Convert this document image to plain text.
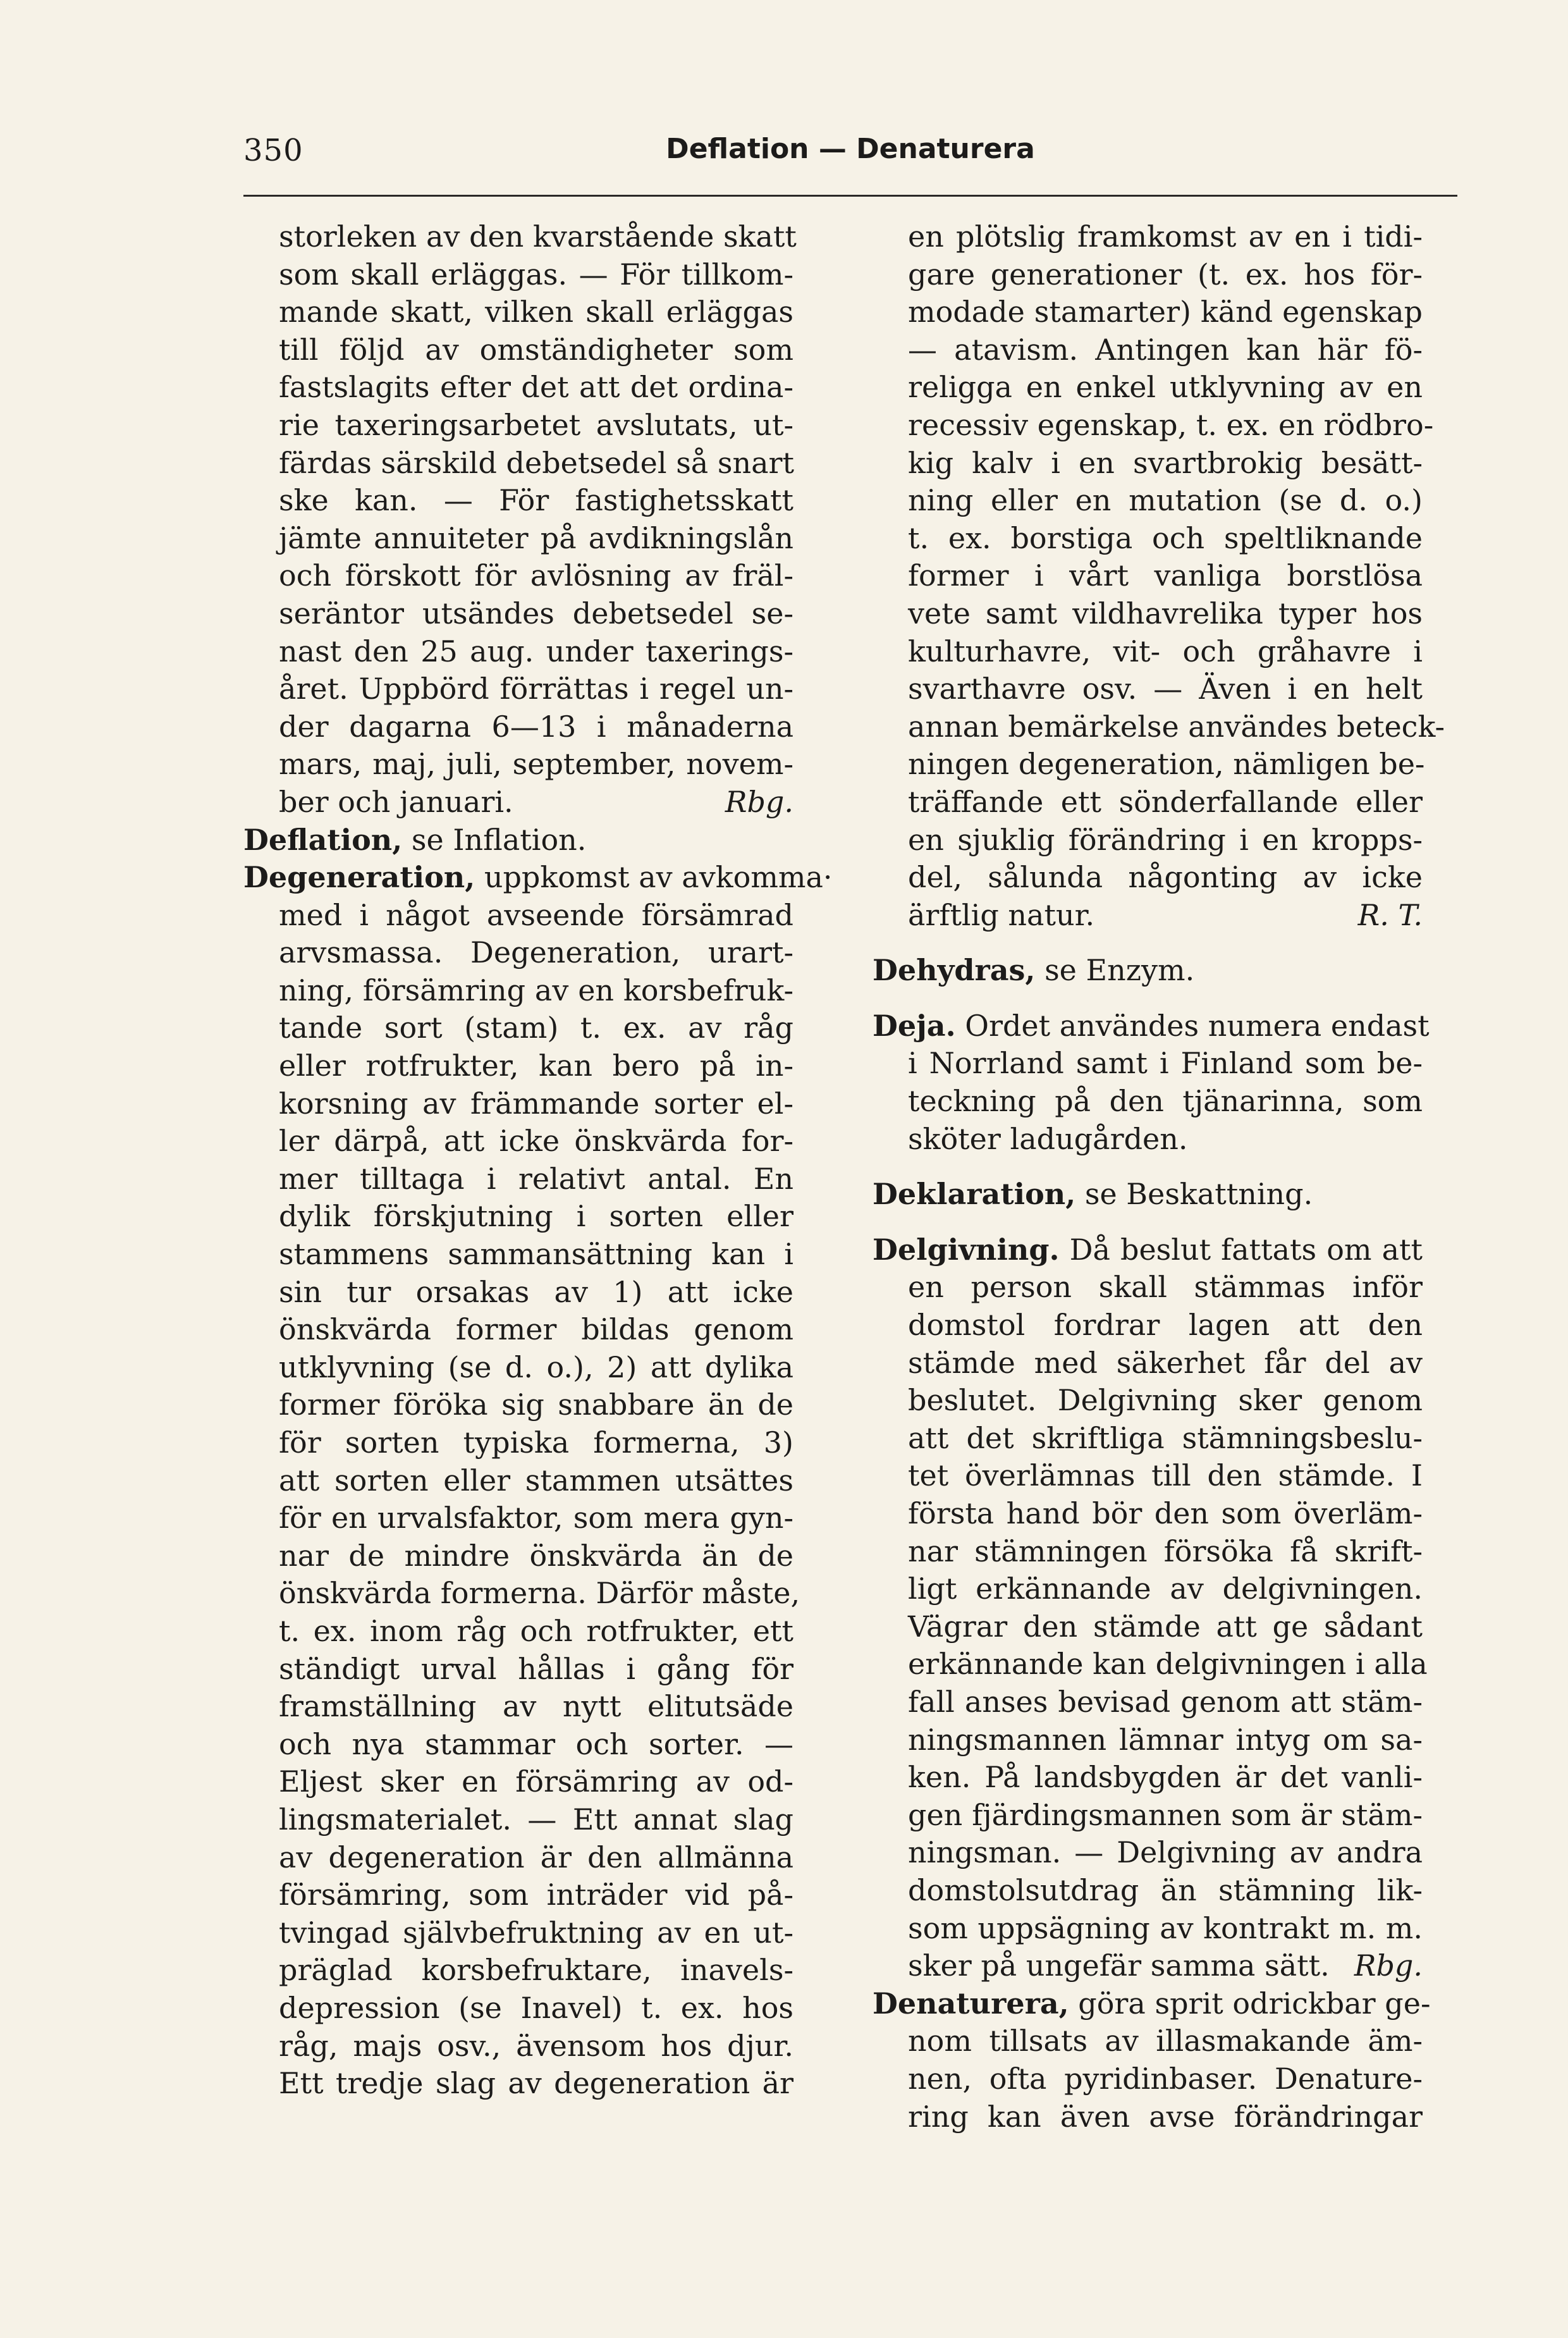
350	Deflation — Denaturera
storleken av den kvarstående skatt
som skall erläggas. — För tillkom-
mande skatt, vilken skall erläggas
till följd av omständigheter som
fastslagits efter det att det ordina-
rie taxeringsarbetet avslutats, ut-
färdas särskild debetsedel så snart
ske kan. — För fastighetsskatt
jämte annuiteter på avdikningslån
och förskott för avlösning av fräl-
seräntor utsändes debetsedel se-
nast den 25 aug. under taxerings-
året. Uppbörd förrättas i regel un-
der dagarna 6—13 i månaderna
mars, maj, juli, september, novem-
ber och januari.	Rbg.
Deflation, se Inflation.
Degeneration, uppkomst av avkomma·
med i något avseende försämrad
arvsmassa. Degeneration, urart-
ning, försämring av en korsbefruk-
tande sort (stam) t. ex. av råg
eller rotfrukter, kan bero på in-
korsning av främmande sorter el-
ler därpå, att icke önskvärda for-
mer tilltaga i relativt antal. En
dylik förskjutning i sorten eller
stammens sammansättning kan i
sin tur orsakas av 1) att icke
önskvärda former bildas genom
utklyvning (se d. o.), 2) att dylika
former föröka sig snabbare än de
för sorten typiska formerna, 3)
att sorten eller stammen utsättes
för en urvalsfaktor, som mera gyn-
nar de mindre önskvärda än de
önskvärda formerna. Därför måste,
t. ex. inom råg och rotfrukter, ett
ständigt urval hållas i gång för
framställning av nytt elitutsäde
och nya stammar och sorter. —
Eljest sker en försämring av od-
lingsmaterialet. — Ett annat slag
av degeneration är den allmänna
försämring, som inträder vid på-
tvingad självbefruktning av en ut-
präglad korsbefruktare, inavels-
depression (se Inavel) t. ex. hos
råg, majs osv., ävensom hos djur.
Ett tredje slag av degeneration är
en plötslig framkomst av en i tidi-
gare generationer (t. ex. hos för-
modade stamarter) känd egenskap
— atavism. Antingen kan här fö-
religga en enkel utklyvning av en
recessiv egenskap, t. ex. en rödbro-
kig kalv i en svartbrokig besätt-
ning eller en mutation (se d. o.)
t. ex. borstiga och speltliknande
former i vårt vanliga borstlösa
vete samt vildhavrelika typer hos
kulturhavre, vit- och gråhavre i
svarthavre osv. — Även i en helt
annan bemärkelse användes beteck-
ningen degeneration, nämligen be-
träffande ett sönderfallande eller
en sjuklig förändring i en kropps-
del, sålunda någonting av icke
ärftlig natur.	R. T.
Dehydras, se Enzym.
Deja. Ordet användes numera endast
i Norrland samt i Finland som be-
teckning på den tjänarinna, som
sköter ladugården.
Deklaration, se Beskattning.
Delgivning. Då beslut fattats om att
en person skall stämmas inför
domstol fordrar lagen att den
stämde med säkerhet får del av
beslutet. Delgivning sker genom
att det skriftliga stämningsbeslu-
tet överlämnas till den stämde. I
första hand bör den som överläm-
nar stämningen försöka få skrift-
ligt erkännande av delgivningen.
Vägrar den stämde att ge sådant
erkännande kan delgivningen i alla
fall anses bevisad genom att stäm-
ningsmannen lämnar intyg om sa-
ken. På landsbygden är det vanli-
gen fjärdingsmannen som är stäm-
ningsman. — Delgivning av andra
domstolsutdrag än stämning lik-
som uppsägning av kontrakt m. m.
sker på ungefär samma sätt. Rbg.
Denaturera, göra sprit odrickbar ge-
nom tillsats av illasmakande äm-
nen, ofta pyridinbaser. Denature-
ring kan även avse förändringar
